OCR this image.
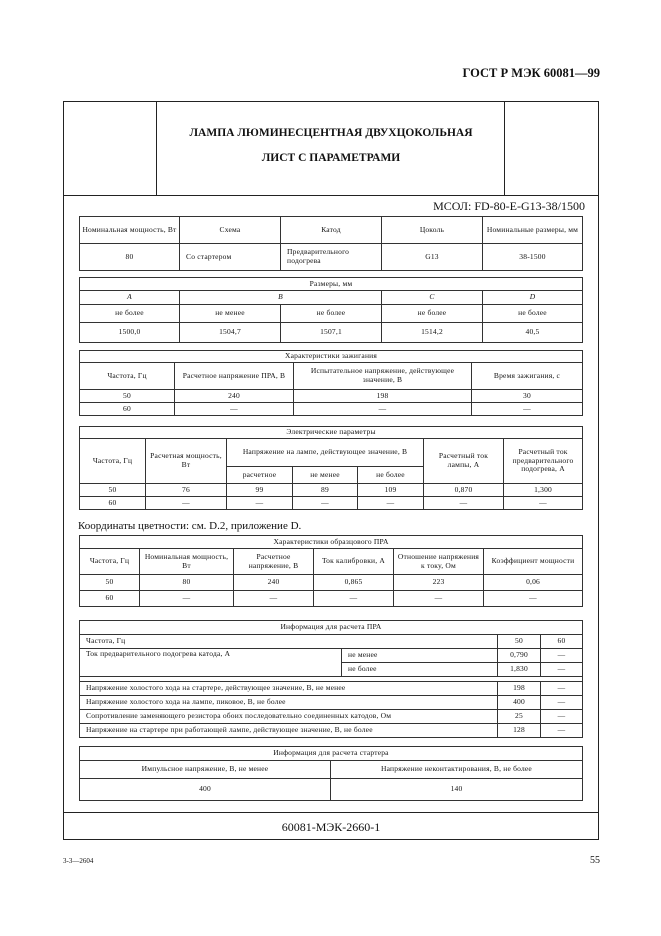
ГОСТ Р МЭК 60081—99
ЛАМПА ЛЮМИНЕСЦЕНТНАЯ ДВУХЦОКОЛЬНАЯ
ЛИСТ С ПАРАМЕТРАМИ
МСОЛ: FD-80-E-G13-38/1500
Номинальная мощность, Вт	Схема	Катод	Цоколь	Номинальные размеры, мм
80	Со стартером	Предварительного подогрева	G13	38-1500
Размеры, мм				
A	B		C	D
не более	не менее	не более	не более	не более
1500,0	1504,7	1507,1	1514,2	40,5
Характеристики зажигания			
Частота, Гц	Расчетное напряжение ПРА, В	Испытательное напряжение, действующее значение, В	Время зажигания, с
50	240	198	30
60	—	—	—
Электрические параметры						
Частота, Гц	Расчетная мощность, Вт	Напряжение на лампе, действующее значение, В			Расчетный ток лампы, А	Расчетный ток предварительного подогрева, А
		расчетное	не менее	не более		
50	76	99	89	109	0,870	1,300
60	—	—	—	—	—	—
Координаты цветности: см. D.2, приложение D.
Характеристики образцового ПРА					
Частота, Гц	Номинальная мощность, Вт	Расчетное напряжение, В	Ток калибровки, А	Отношение напряжения к току, Ом	Коэффициент мощности
50	80	240	0,865	223	0,06
60	—	—	—	—	—
Информация для расчета ПРА			
Частота, Гц		50	60
Ток предварительного подогрева катода, А	не менее	0,790	—
	не более	1,830	—

Напряжение холостого хода на стартере, действующее значение, В, не менее		198	—
Напряжение холостого хода на лампе, пиковое, В, не более		400	—
Сопротивление заменяющего резистора обоих последовательно соединенных катодов, Ом		25	—
Напряжение на стартере при работающей лампе, действующее значение, В, не более		128	—
Информация для расчета стартера	
Импульсное напряжение, В, не менее	Напряжение неконтактирования, В, не более
400	140
60081-МЭК-2660-1
3-3—2604	55
